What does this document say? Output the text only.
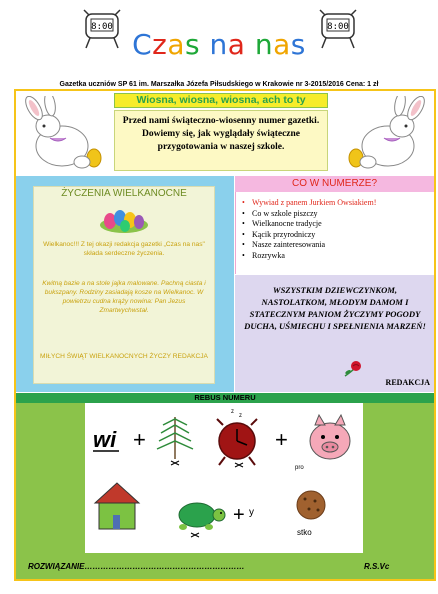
8:00	8:00
Czas na nas
Gazetka uczniów SP 61 im. Marszałka Józefa Piłsudskiego w Krakowie nr 3-2015/2016 Cena: 1 zł
Wiosna, wiosna, wiosna, ach to ty
Przed nami świąteczno-wiosenny numer gazetki. Dowiemy się, jak wyglądały świąteczne przygotowania w naszej szkole.
ŻYCZENIA WIELKANOCNE
Wielkanoc!!! Z tej okazji redakcja gazetki „Czas na nas" składa serdeczne życzenia.
Kwitną bazie a na stole jajka malowane. Pachną ciasta i bukszpany. Rodziny zasiadają kosze na Wielkanoc. W powietrzu cudna krąży nowina: Pan Jezus Zmartwychwstał.
MIŁYCH ŚWIĄT WIELKANOCNYCH ŻYCZY REDAKCJA
CO W NUMERZE?
• Wywiad z panem Jurkiem Owsiakiem!
• Co w szkole piszczy
• Wielkanocne tradycje
• Kącik przyrodniczy
• Nasze zainteresowania
• Rozrywka
WSZYSTKIM DZIEWCZYNKOM, NASTOLATKOM, MŁODYM DAMOM I STATECZNYM PANIOM ŻYCZYMY POGODY DUCHA, UŚMIECHU I SPEŁNIENIA MARZEŃ!
REDAKCJA
REBUS NUMERU
wi +
z
z
+
pro
+ y
stko
ROZWIĄZANIE……………………………………………………	R.S.Vc
